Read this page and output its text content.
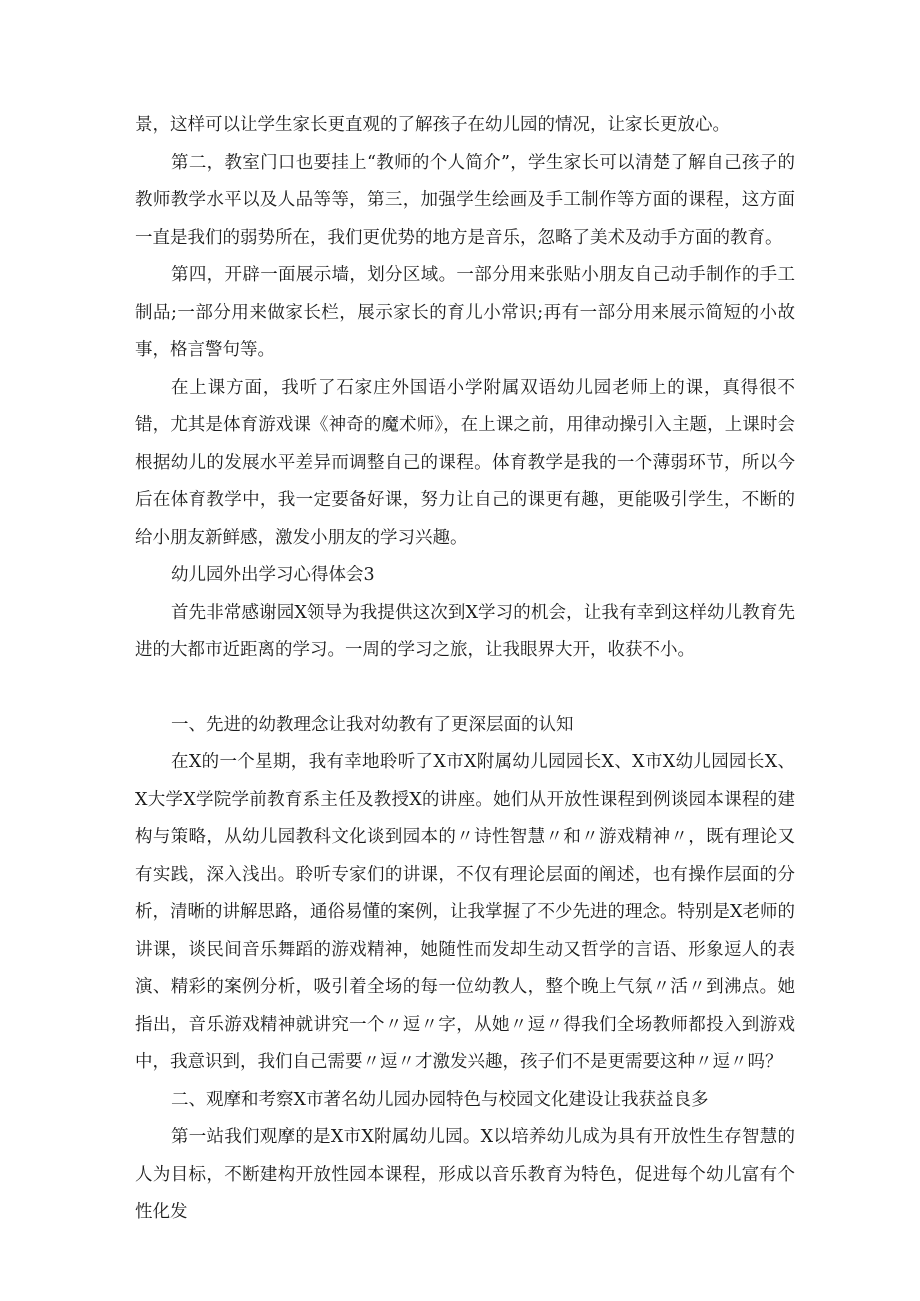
景，这样可以让学生家长更直观的了解孩子在幼儿园的情况，让家长更放心。

第二，教室门口也要挂上“教师的个人简介”，学生家长可以清楚了解自己孩子的教师教学水平以及人品等等，第三，加强学生绘画及手工制作等方面的课程，这方面一直是我们的弱势所在，我们更优势的地方是音乐，忽略了美术及动手方面的教育。

第四，开辟一面展示墙，划分区域。一部分用来张贴小朋友自己动手制作的手工制品;一部分用来做家长栏，展示家长的育儿小常识;再有一部分用来展示简短的小故事，格言警句等。

在上课方面，我听了石家庄外国语小学附属双语幼儿园老师上的课，真得很不错，尤其是体育游戏课《神奇的魔术师》，在上课之前，用律动操引入主题，上课时会根据幼儿的发展水平差异而调整自己的课程。体育教学是我的一个薄弱环节，所以今后在体育教学中，我一定要备好课，努力让自己的课更有趣，更能吸引学生，不断的给小朋友新鲜感，激发小朋友的学习兴趣。

幼儿园外出学习心得体会3

首先非常感谢园X领导为我提供这次到X学习的机会，让我有幸到这样幼儿教育先进的大都市近距离的学习。一周的学习之旅，让我眼界大开，收获不小。

一、先进的幼教理念让我对幼教有了更深层面的认知

在X的一个星期，我有幸地聆听了X市X附属幼儿园园长X、X市X幼儿园园长X、X大学X学院学前教育系主任及教授X的讲座。她们从开放性课程到例谈园本课程的建构与策略，从幼儿园教科文化谈到园本的〃诗性智慧〃和〃游戏精神〃，既有理论又有实践，深入浅出。聆听专家们的讲课，不仅有理论层面的阐述，也有操作层面的分析，清晰的讲解思路，通俗易懂的案例，让我掌握了不少先进的理念。特别是X老师的讲课，谈民间音乐舞蹈的游戏精神，她随性而发却生动又哲学的言语、形象逗人的表演、精彩的案例分析，吸引着全场的每一位幼教人，整个晚上气氛〃活〃到沸点。她指出，音乐游戏精神就讲究一个〃逗〃字，从她〃逗〃得我们全场教师都投入到游戏中，我意识到，我们自己需要〃逗〃才激发兴趣，孩子们不是更需要这种〃逗〃吗？

二、观摩和考察X市著名幼儿园办园特色与校园文化建设让我获益良多

第一站我们观摩的是X市X附属幼儿园。X以培养幼儿成为具有开放性生存智慧的人为目标，不断建构开放性园本课程，形成以音乐教育为特色，促进每个幼儿富有个性化发
